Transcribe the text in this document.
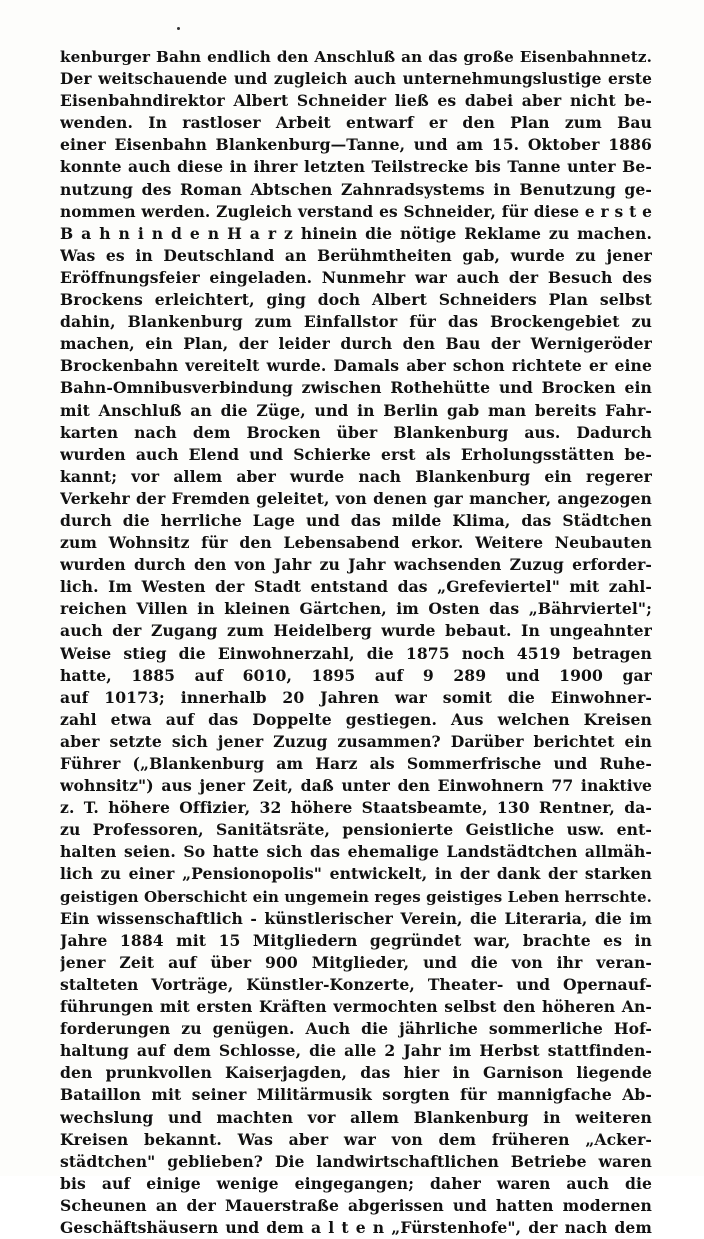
kenburger Bahn endlich den Anschluß an das große Eisenbahnnetz.
Der weitschauende und zugleich auch unternehmungslustige erste
Eisenbahndirektor Albert Schneider ließ es dabei aber nicht be-
wenden. In rastloser Arbeit entwarf er den Plan zum Bau
einer Eisenbahn Blankenburg—Tanne, und am 15. Oktober 1886
konnte auch diese in ihrer letzten Teilstrecke bis Tanne unter Be-
nutzung des Roman Abtschen Zahnradsystems in Benutzung ge-
nommen werden. Zugleich verstand es Schneider, für diese e r s t e
B a h n i n d e n H a r z hinein die nötige Reklame zu machen.
Was es in Deutschland an Berühmtheiten gab, wurde zu jener
Eröffnungsfeier eingeladen. Nunmehr war auch der Besuch des
Brockens erleichtert, ging doch Albert Schneiders Plan selbst
dahin, Blankenburg zum Einfallstor für das Brockengebiet zu
machen, ein Plan, der leider durch den Bau der Wernigeröder
Brockenbahn vereitelt wurde. Damals aber schon richtete er eine
Bahn-Omnibusverbindung zwischen Rothehütte und Brocken ein
mit Anschluß an die Züge, und in Berlin gab man bereits Fahr-
karten nach dem Brocken über Blankenburg aus. Dadurch
wurden auch Elend und Schierke erst als Erholungsstätten be-
kannt; vor allem aber wurde nach Blankenburg ein regerer
Verkehr der Fremden geleitet, von denen gar mancher, angezogen
durch die herrliche Lage und das milde Klima, das Städtchen
zum Wohnsitz für den Lebensabend erkor. Weitere Neubauten
wurden durch den von Jahr zu Jahr wachsenden Zuzug erforder-
lich. Im Westen der Stadt entstand das „Grefeviertel" mit zahl-
reichen Villen in kleinen Gärtchen, im Osten das „Bährviertel";
auch der Zugang zum Heidelberg wurde bebaut. In ungeahnter
Weise stieg die Einwohnerzahl, die 1875 noch 4519 betragen
hatte, 1885 auf 6010, 1895 auf 9 289 und 1900 gar
auf 10173; innerhalb 20 Jahren war somit die Einwohner-
zahl etwa auf das Doppelte gestiegen. Aus welchen Kreisen
aber setzte sich jener Zuzug zusammen? Darüber berichtet ein
Führer („Blankenburg am Harz als Sommerfrische und Ruhe-
wohnsitz") aus jener Zeit, daß unter den Einwohnern 77 inaktive
z. T. höhere Offizier, 32 höhere Staatsbeamte, 130 Rentner, da-
zu Professoren, Sanitätsräte, pensionierte Geistliche usw. ent-
halten seien. So hatte sich das ehemalige Landstädtchen allmäh-
lich zu einer „Pensionopolis" entwickelt, in der dank der starken
geistigen Oberschicht ein ungemein reges geistiges Leben herrschte.
Ein wissenschaftlich - künstlerischer Verein, die Literaria, die im
Jahre 1884 mit 15 Mitgliedern gegründet war, brachte es in
jener Zeit auf über 900 Mitglieder, und die von ihr veran-
stalteten Vorträge, Künstler-Konzerte, Theater- und Opernauf-
führungen mit ersten Kräften vermochten selbst den höheren An-
forderungen zu genügen. Auch die jährliche sommerliche Hof-
haltung auf dem Schlosse, die alle 2 Jahr im Herbst stattfinden-
den prunkvollen Kaiserjagden, das hier in Garnison liegende
Bataillon mit seiner Militärmusik sorgten für mannigfache Ab-
wechslung und machten vor allem Blankenburg in weiteren
Kreisen bekannt. Was aber war von dem früheren „Acker-
städtchen" geblieben? Die landwirtschaftlichen Betriebe waren
bis auf einige wenige eingegangen; daher waren auch die
Scheunen an der Mauerstraße abgerissen und hatten modernen
Geschäftshäusern und dem a l t e n „Fürstenhofe", der nach dem
